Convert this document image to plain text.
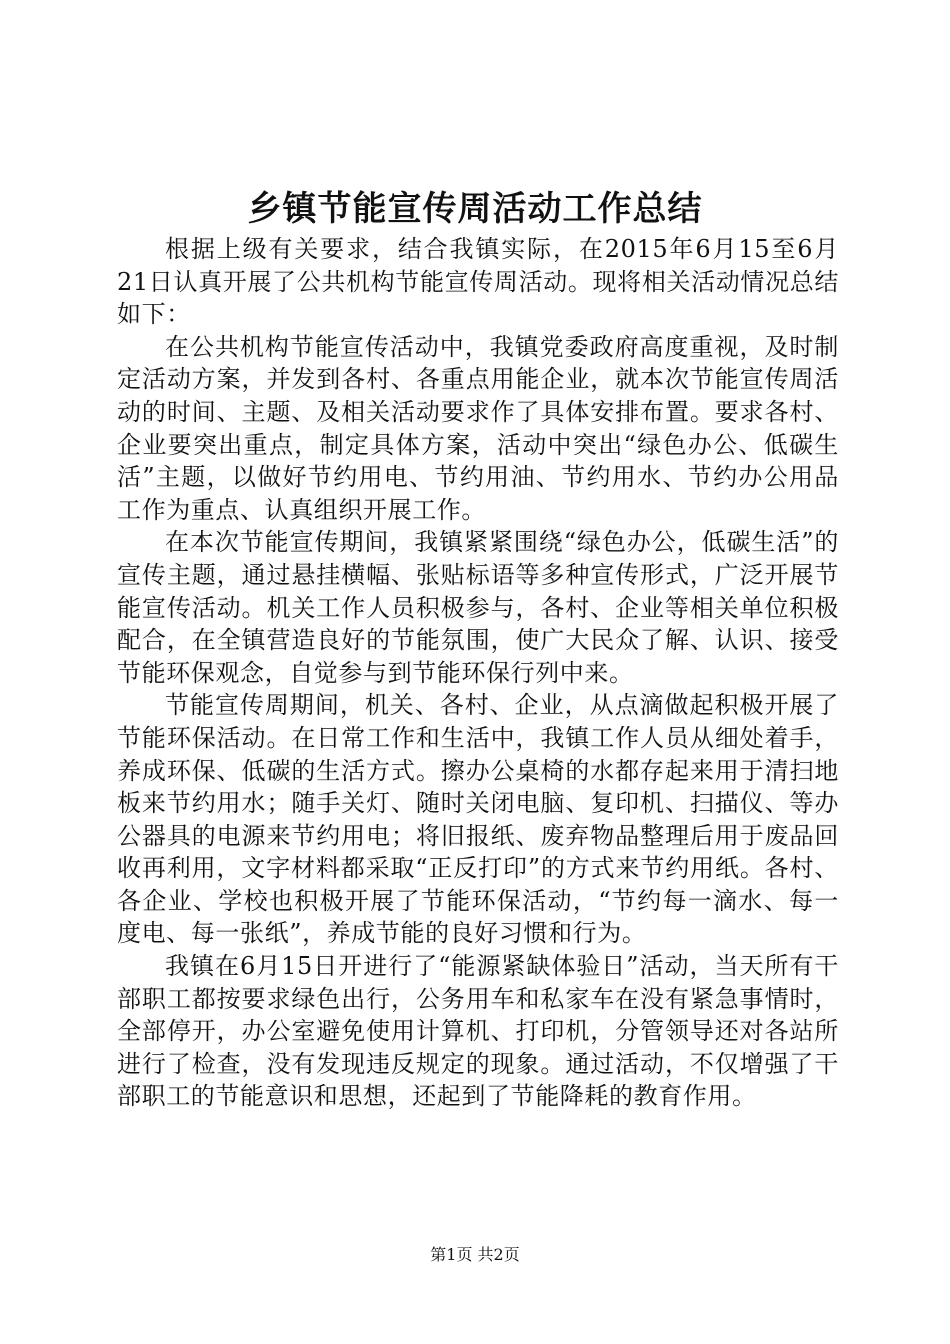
乡镇节能宣传周活动工作总结

根据上级有关要求，结合我镇实际，在2015年6月15至6月21日认真开展了公共机构节能宣传周活动。现将相关活动情况总结如下：

在公共机构节能宣传活动中，我镇党委政府高度重视，及时制定活动方案，并发到各村、各重点用能企业，就本次节能宣传周活动的时间、主题、及相关活动要求作了具体安排布置。要求各村、企业要突出重点，制定具体方案，活动中突出“绿色办公、低碳生活”主题，以做好节约用电、节约用油、节约用水、节约办公用品工作为重点、认真组织开展工作。

在本次节能宣传期间，我镇紧紧围绕“绿色办公，低碳生活”的宣传主题，通过悬挂横幅、张贴标语等多种宣传形式，广泛开展节能宣传活动。机关工作人员积极参与，各村、企业等相关单位积极配合，在全镇营造良好的节能氛围，使广大民众了解、认识、接受节能环保观念，自觉参与到节能环保行列中来。

节能宣传周期间，机关、各村、企业，从点滴做起积极开展了节能环保活动。在日常工作和生活中，我镇工作人员从细处着手，养成环保、低碳的生活方式。擦办公桌椅的水都存起来用于清扫地板来节约用水；随手关灯、随时关闭电脑、复印机、扫描仪、等办公器具的电源来节约用电；将旧报纸、废弃物品整理后用于废品回收再利用，文字材料都采取“正反打印”的方式来节约用纸。各村、各企业、学校也积极开展了节能环保活动，“节约每一滴水、每一度电、每一张纸”，养成节能的良好习惯和行为。

我镇在6月15日开进行了“能源紧缺体验日”活动，当天所有干部职工都按要求绿色出行，公务用车和私家车在没有紧急事情时，全部停开，办公室避免使用计算机、打印机，分管领导还对各站所进行了检查，没有发现违反规定的现象。通过活动，不仅增强了干部职工的节能意识和思想，还起到了节能降耗的教育作用。

第1页 共2页
